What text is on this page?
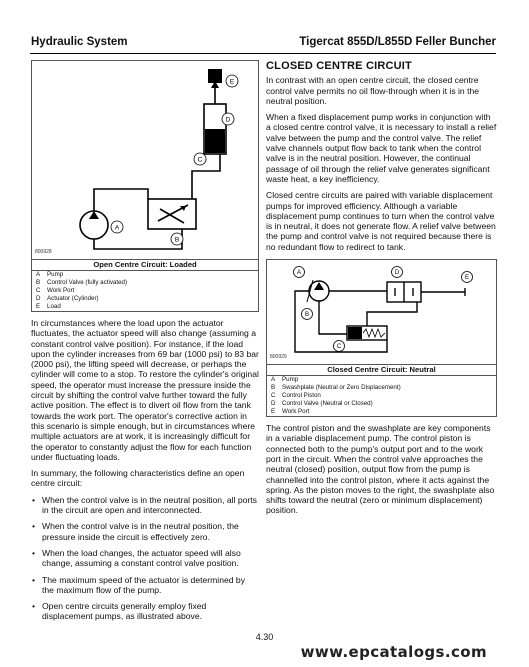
Hydraulic System	Tigercat 855D/L855D Feller Buncher
E
D
C
B
A
800928
Open Centre Circuit: Loaded
A Pump
B Control Valve (fully activated)
C Work Port
D Actuator (Cylinder)
E Load

In circumstances where the load upon the actuator fluctuates, the actuator speed will also change (assuming a constant control valve position). For instance, if the load upon the cylinder increases from 69 bar (1000 psi) to 83 bar (2000 psi), the lifting speed will decrease, or perhaps the cylinder will come to a stop. To restore the cylinder's original speed, the operator must increase the pressure inside the circuit by shifting the control valve further toward the fully active position. The effect is to divert oil flow from the tank towards the work port. The operator's corrective action in this scenario is simple enough, but in circumstances where multiple actuators are at work, it is increasingly difficult for the operator to constantly adjust the flow for each function under fluctuating loads.

In summary, the following characteristics define an open centre circuit:

• When the control valve is in the neutral position, all ports in the circuit are open and interconnected.
• When the control valve is in the neutral position, the pressure inside the circuit is effectively zero.
• When the load changes, the actuator speed will also change, assuming a constant control valve position.
• The maximum speed of the actuator is determined by the maximum flow of the pump.
• Open centre circuits generally employ fixed displacement pumps, as illustrated above.
CLOSED CENTRE CIRCUIT

In contrast with an open centre circuit, the closed centre control valve permits no oil flow-through when it is in the neutral position.

When a fixed displacement pump works in conjunction with a closed centre control valve, it is necessary to install a relief valve between the pump and the control valve. The relief valve channels output flow back to tank when the control valve is in the neutral position. However, the continual passage of oil through the relief valve generates significant waste heat, a key inefficiency.

Closed centre circuits are paired with variable displacement pumps for improved efficiency. Although a variable displacement pump continues to turn when the control valve is in neutral, it does not generate flow. A relief valve between the pump and control valve is not required because there is no redundant flow to redirect to tank.

A
B
C
D
E
800929
Closed Centre Circuit: Neutral
A Pump
B Swashplate (Neutral or Zero Displacement)
C Control Piston
D Control Valve (Neutral or Closed)
E Work Port

The control piston and the swashplate are key components in a variable displacement pump. The control piston is connected both to the pump's output port and to the work port in the circuit. When the control valve approaches the neutral (closed) position, output flow from the pump is channelled into the control piston, where it acts against the spring. As the piston moves to the right, the swashplate also shifts toward the neutral (zero or minimum displacement) position.

4.30
www.epcatalogs.com
